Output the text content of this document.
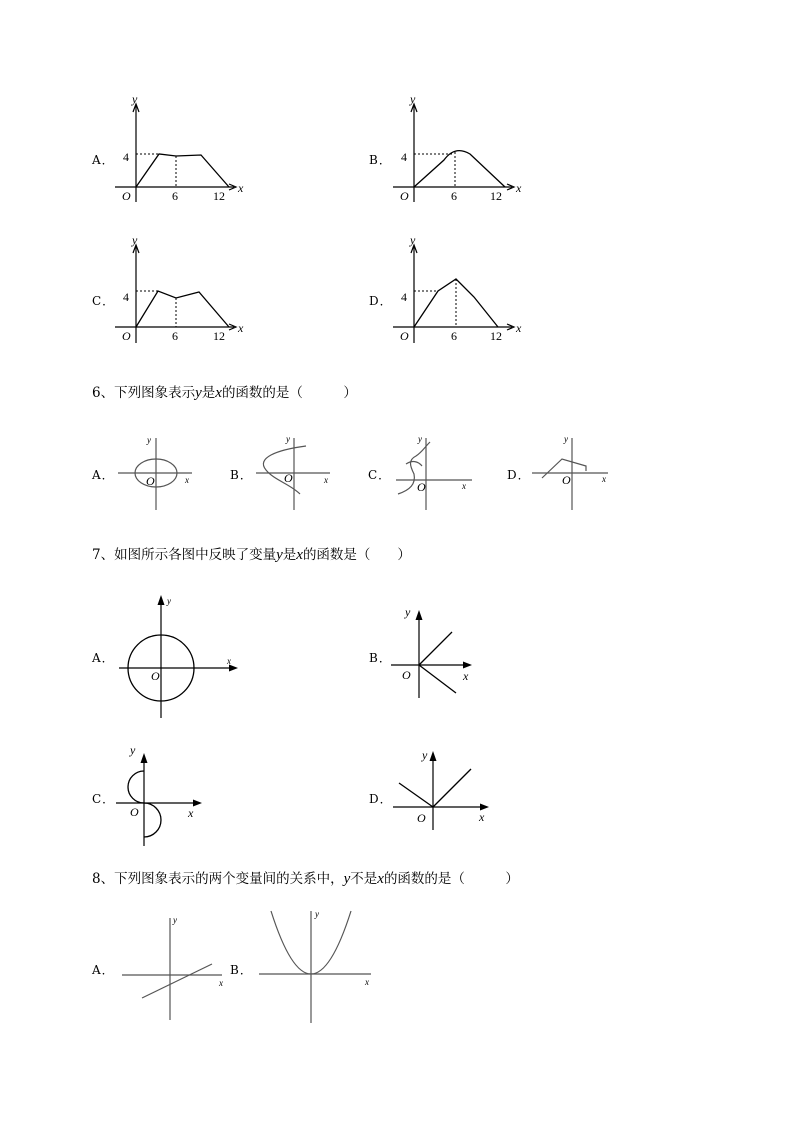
A． 4
O	6	12
x
y
B． 4
O	6	12
x
y
C． 4
O	6	12
x
y
D． 4
O	6	12
x
y
6、下列图象表示y是x的函数的是（　　　）
A．	O	x
y
B．	O	x
y
C．
O	x
y
D．	O	x
y
7、如图所示各图中反映了变量y是x的函数是（　　）
A．
O
x
y
B．
O	x
y
C．
O	x
y
D．
O	x
y
8、下列图象表示的两个变量间的关系中，y不是x的函数的是（　　　）
A．
x
y
B．
x
y
